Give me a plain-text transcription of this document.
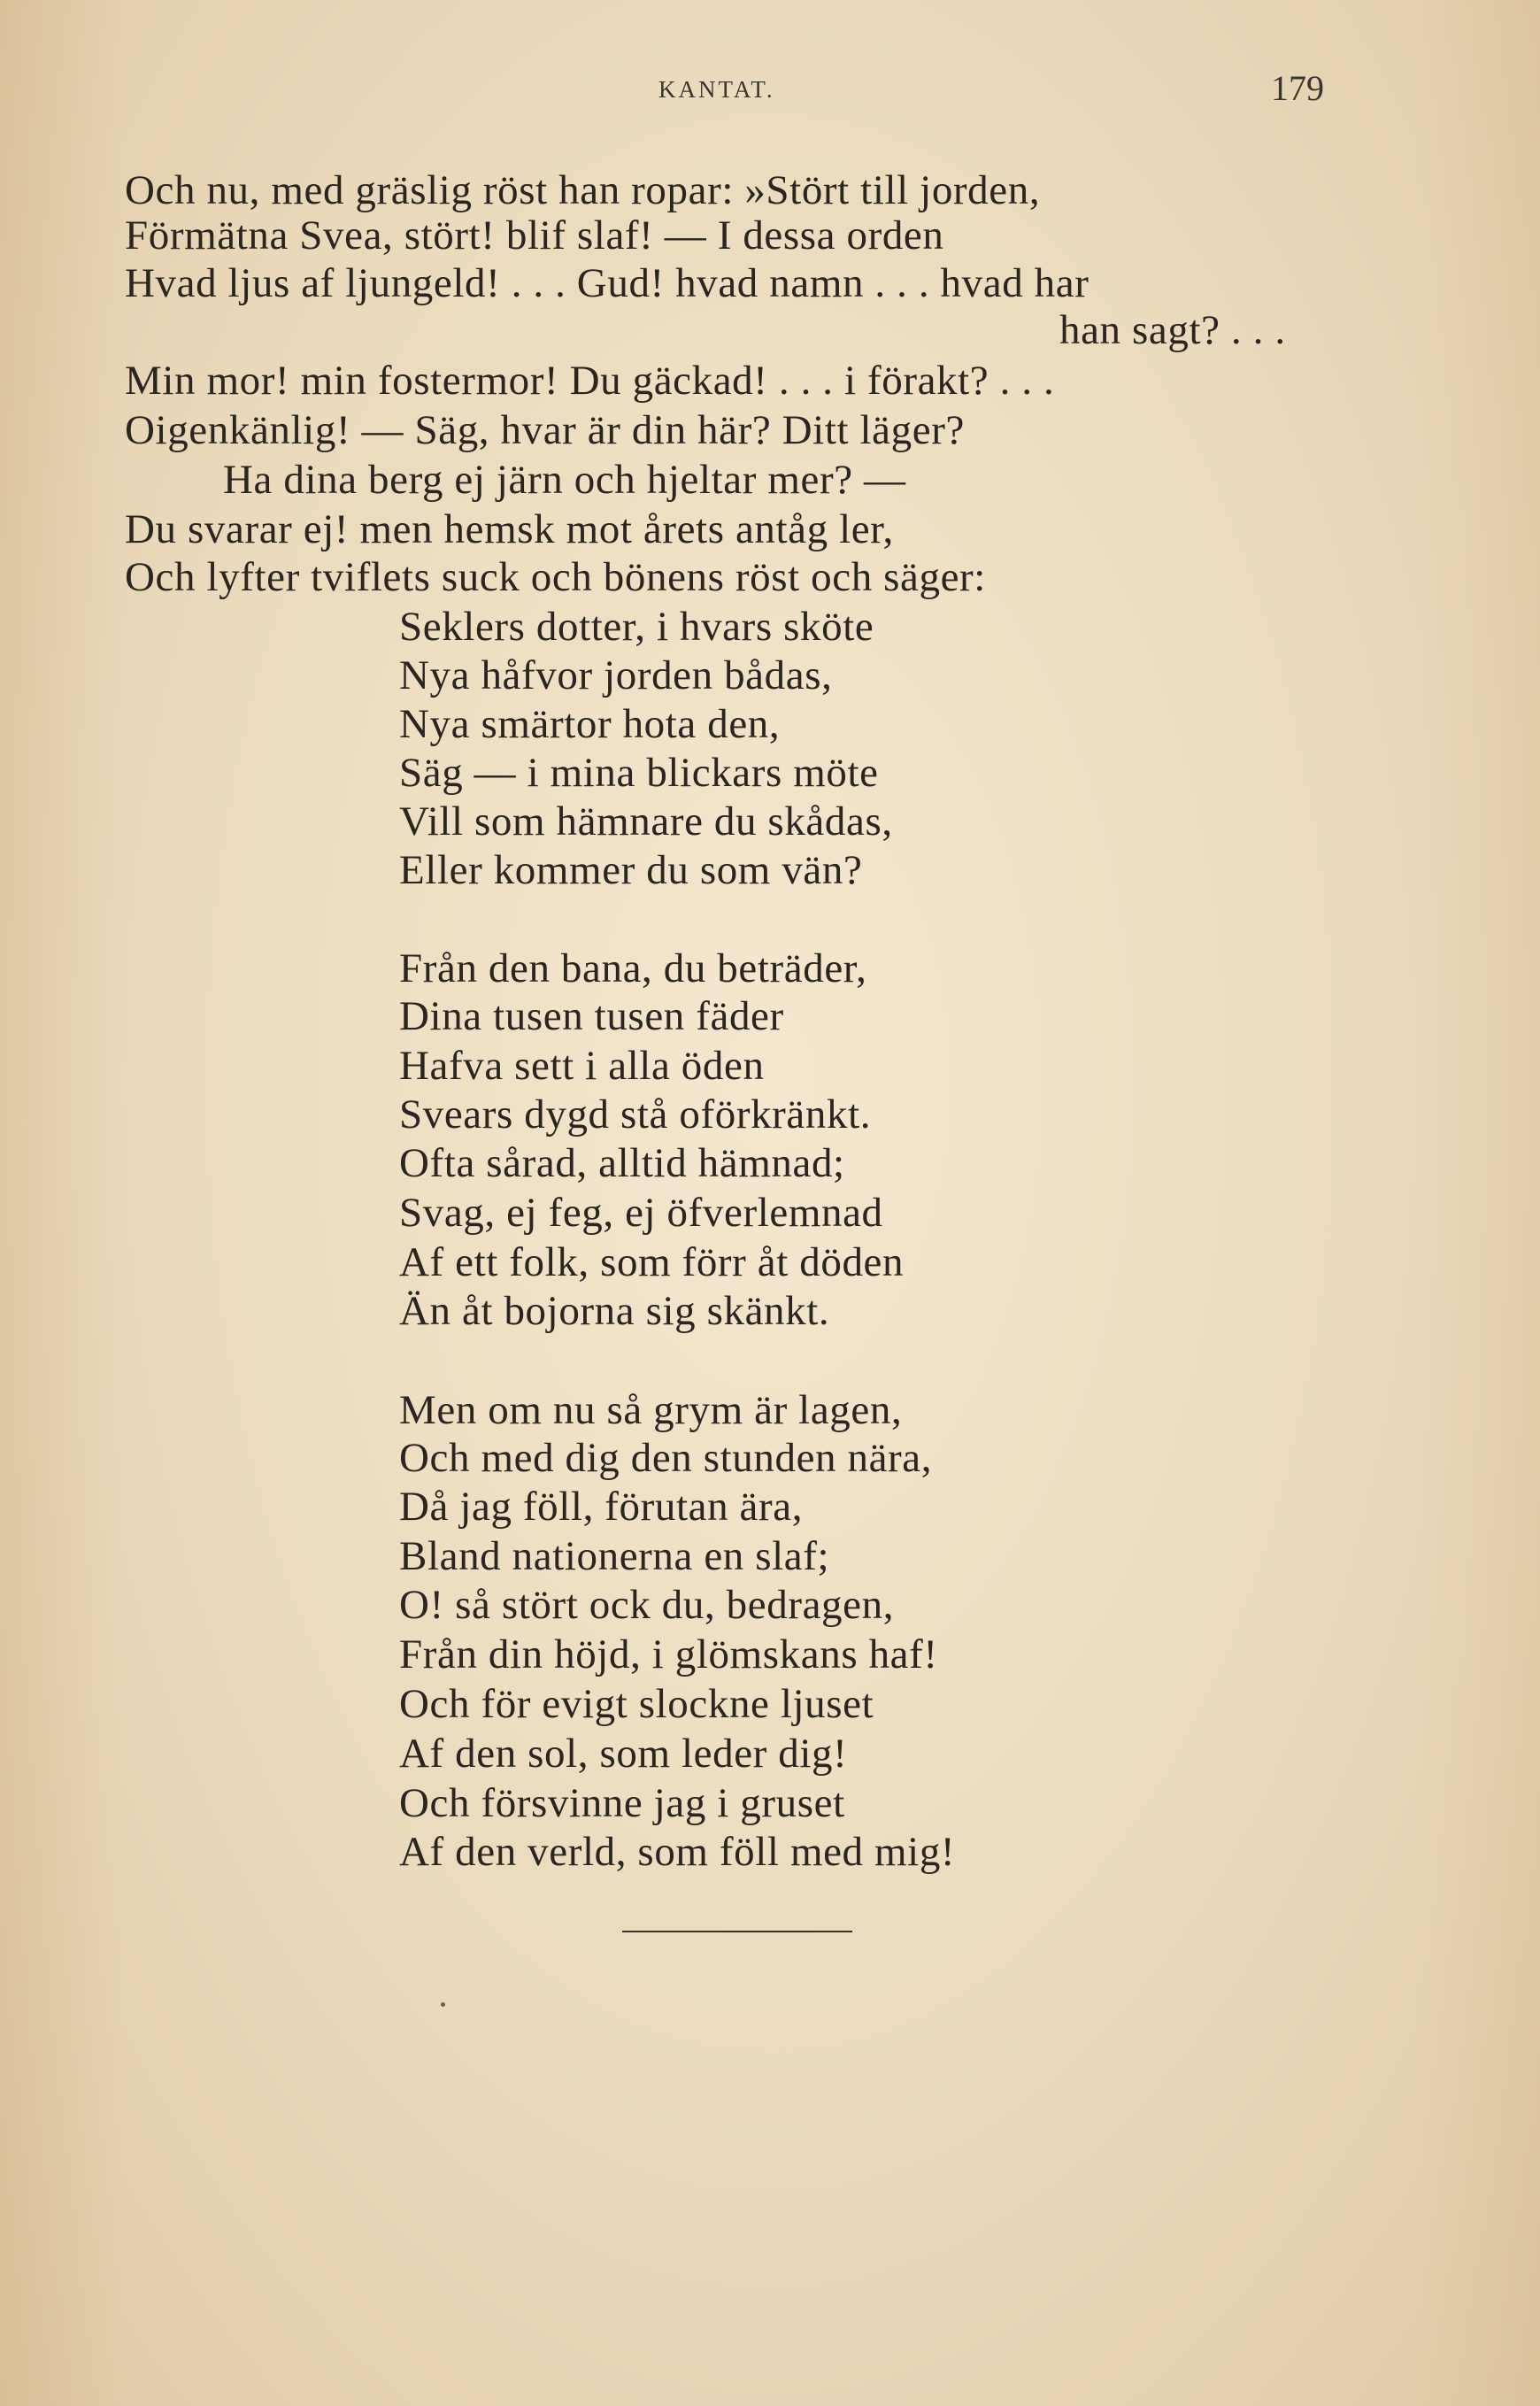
KANTAT.	179
Och nu, med gräslig röst han ropar: »Stört till jorden,
Förmätna Svea, stört! blif slaf! — I dessa orden
Hvad ljus af ljungeld! . . . Gud! hvad namn . . . hvad har
han sagt? . . .
Min mor! min fostermor! Du gäckad! . . . i förakt? . . .
Oigenkänlig! — Säg, hvar är din här? Ditt läger?
Ha dina berg ej järn och hjeltar mer? —
Du svarar ej! men hemsk mot årets antåg ler,
Och lyfter tviflets suck och bönens röst och säger:
Seklers dotter, i hvars sköte
Nya håfvor jorden bådas,
Nya smärtor hota den,
Säg — i mina blickars möte
Vill som hämnare du skådas,
Eller kommer du som vän?
Från den bana, du beträder,
Dina tusen tusen fäder
Hafva sett i alla öden
Svears dygd stå oförkränkt.
Ofta sårad, alltid hämnad;
Svag, ej feg, ej öfverlemnad
Af ett folk, som förr åt döden
Än åt bojorna sig skänkt.
Men om nu så grym är lagen,
Och med dig den stunden nära,
Då jag föll, förutan ära,
Bland nationerna en slaf;
O! så stört ock du, bedragen,
Från din höjd, i glömskans haf!
Och för evigt slockne ljuset
Af den sol, som leder dig!
Och försvinne jag i gruset
Af den verld, som föll med mig!
